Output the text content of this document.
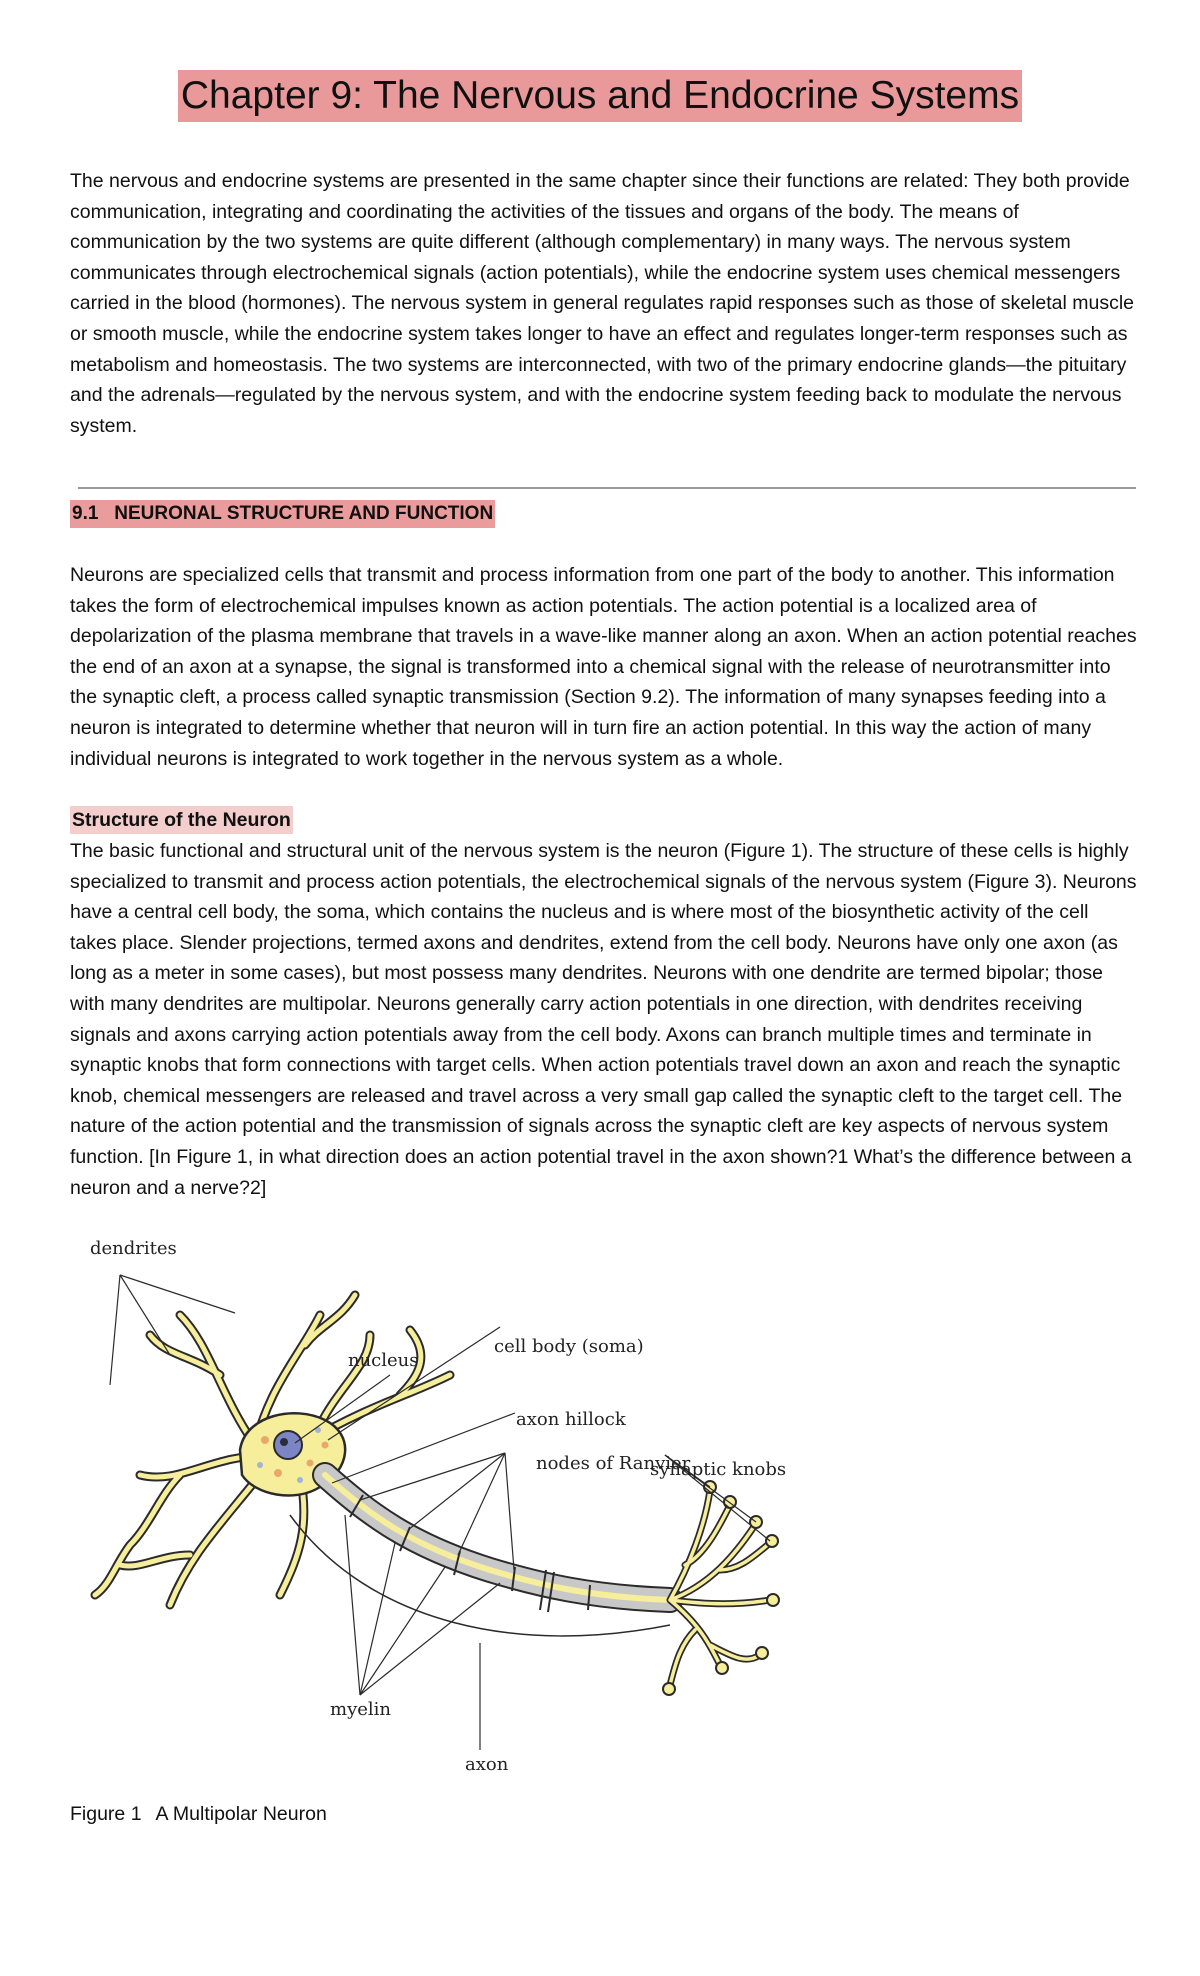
Chapter 9: The Nervous and Endocrine Systems

The nervous and endocrine systems are presented in the same chapter since their functions are related: They both provide communication, integrating and coordinating the activities of the tissues and organs of the body. The means of communication by the two systems are quite different (although complementary) in many ways. The nervous system communicates through electrochemical signals (action potentials), while the endocrine system uses chemical messengers carried in the blood (hormones). The nervous system in general regulates rapid responses such as those of skeletal muscle or smooth muscle, while the endocrine system takes longer to have an effect and regulates longer-term responses such as metabolism and homeostasis. The two systems are interconnected, with two of the primary endocrine glands—the pituitary and the adrenals—regulated by the nervous system, and with the endocrine system feeding back to modulate the nervous system.

9.1   NEURONAL STRUCTURE AND FUNCTION

Neurons are specialized cells that transmit and process information from one part of the body to another. This information takes the form of electrochemical impulses known as action potentials. The action potential is a localized area of depolarization of the plasma membrane that travels in a wave-like manner along an axon. When an action potential reaches the end of an axon at a synapse, the signal is transformed into a chemical signal with the release of neurotransmitter into the synaptic cleft, a process called synaptic transmission (Section 9.2). The information of many synapses feeding into a neuron is integrated to determine whether that neuron will in turn fire an action potential. In this way the action of many individual neurons is integrated to work together in the nervous system as a whole.

Structure of the Neuron

The basic functional and structural unit of the nervous system is the neuron (Figure 1). The structure of these cells is highly specialized to transmit and process action potentials, the electrochemical signals of the nervous system (Figure 3). Neurons have a central cell body, the soma, which contains the nucleus and is where most of the biosynthetic activity of the cell takes place. Slender projections, termed axons and dendrites, extend from the cell body. Neurons have only one axon (as long as a meter in some cases), but most possess many dendrites. Neurons with one dendrite are termed bipolar; those with many dendrites are multipolar. Neurons generally carry action potentials in one direction, with dendrites receiving signals and axons carrying action potentials away from the cell body. Axons can branch multiple times and terminate in synaptic knobs that form connections with target cells. When action potentials travel down an axon and reach the synaptic knob, chemical messengers are released and travel across a very small gap called the synaptic cleft to the target cell. The nature of the action potential and the transmission of signals across the synaptic cleft are key aspects of nervous system function. [In Figure 1, in what direction does an action potential travel in the axon shown?1 What’s the difference between a neuron and a nerve?2]

dendrites
nucleus
cell body (soma)
axon hillock
nodes of Ranvier
synaptic knobs
myelin
axon
Figure 1 A Multipolar Neuron
